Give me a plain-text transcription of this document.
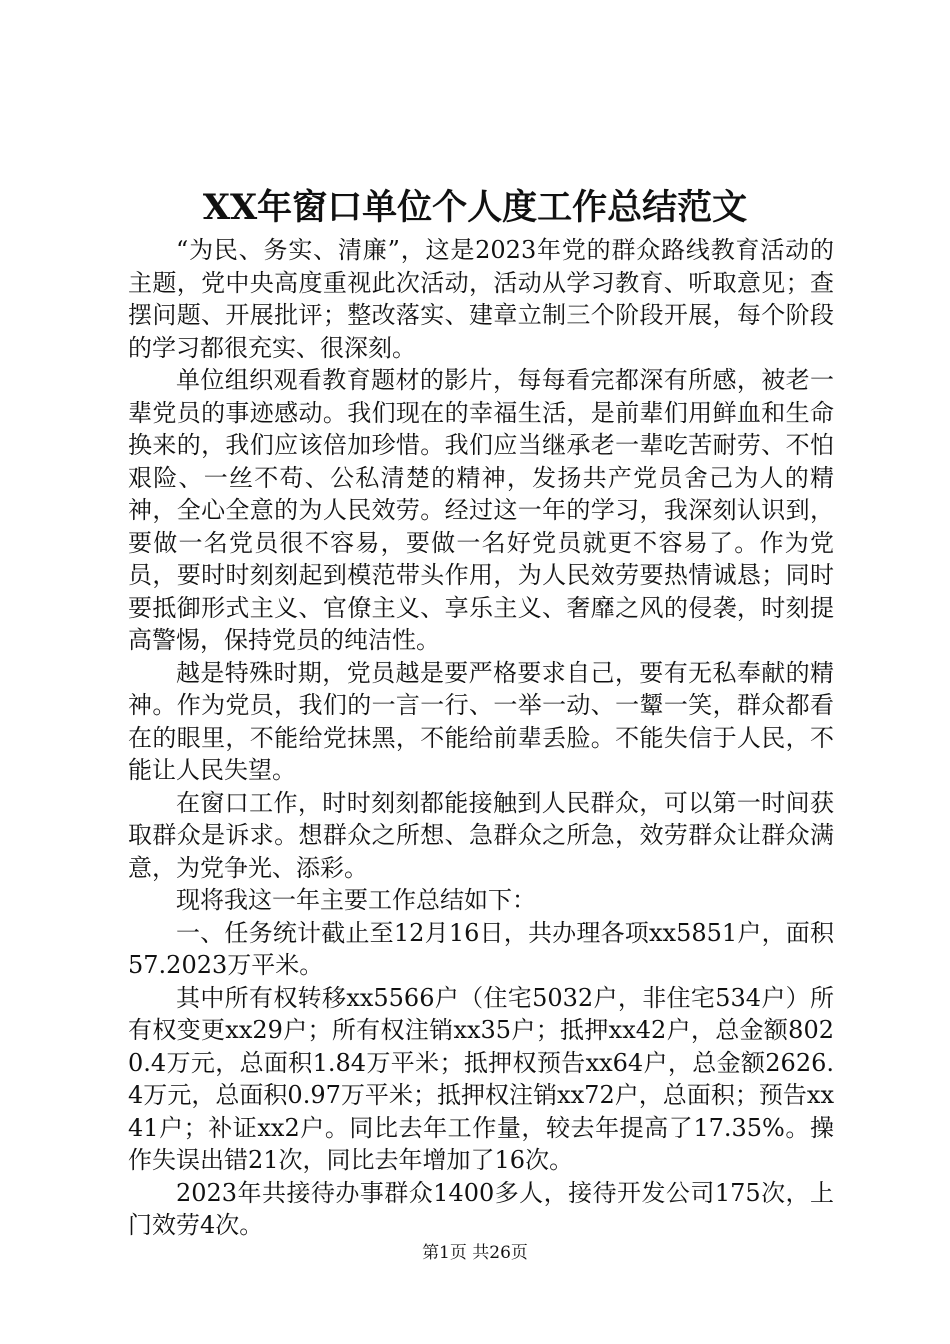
XX年窗口单位个人度工作总结范文

“为民、务实、清廉”，这是2023年党的群众路线教育活动的主题，党中央高度重视此次活动，活动从学习教育、听取意见；查摆问题、开展批评；整改落实、建章立制三个阶段开展，每个阶段的学习都很充实、很深刻。

单位组织观看教育题材的影片，每每看完都深有所感，被老一辈党员的事迹感动。我们现在的幸福生活，是前辈们用鲜血和生命换来的，我们应该倍加珍惜。我们应当继承老一辈吃苦耐劳、不怕艰险、一丝不苟、公私清楚的精神，发扬共产党员舍己为人的精神，全心全意的为人民效劳。经过这一年的学习，我深刻认识到，要做一名党员很不容易，要做一名好党员就更不容易了。作为党员，要时时刻刻起到模范带头作用，为人民效劳要热情诚恳；同时要抵御形式主义、官僚主义、享乐主义、奢靡之风的侵袭，时刻提高警惕，保持党员的纯洁性。

越是特殊时期，党员越是要严格要求自己，要有无私奉献的精神。作为党员，我们的一言一行、一举一动、一颦一笑，群众都看在的眼里，不能给党抹黑，不能给前辈丢脸。不能失信于人民，不能让人民失望。

在窗口工作，时时刻刻都能接触到人民群众，可以第一时间获取群众是诉求。想群众之所想、急群众之所急，效劳群众让群众满意，为党争光、添彩。

现将我这一年主要工作总结如下：

一、任务统计截止至12月16日，共办理各项xx5851户，面积57.2023万平米。

其中所有权转移xx5566户（住宅5032户，非住宅534户）所有权变更xx29户；所有权注销xx35户；抵押xx42户，总金额8020.4万元，总面积1.84万平米；抵押权预告xx64户，总金额2626.4万元，总面积0.97万平米；抵押权注销xx72户，总面积；预告xx41户；补证xx2户。同比去年工作量，较去年提高了17.35%。操作失误出错21次，同比去年增加了16次。

2023年共接待办事群众1400多人，接待开发公司175次，上门效劳4次。

第1页 共26页
